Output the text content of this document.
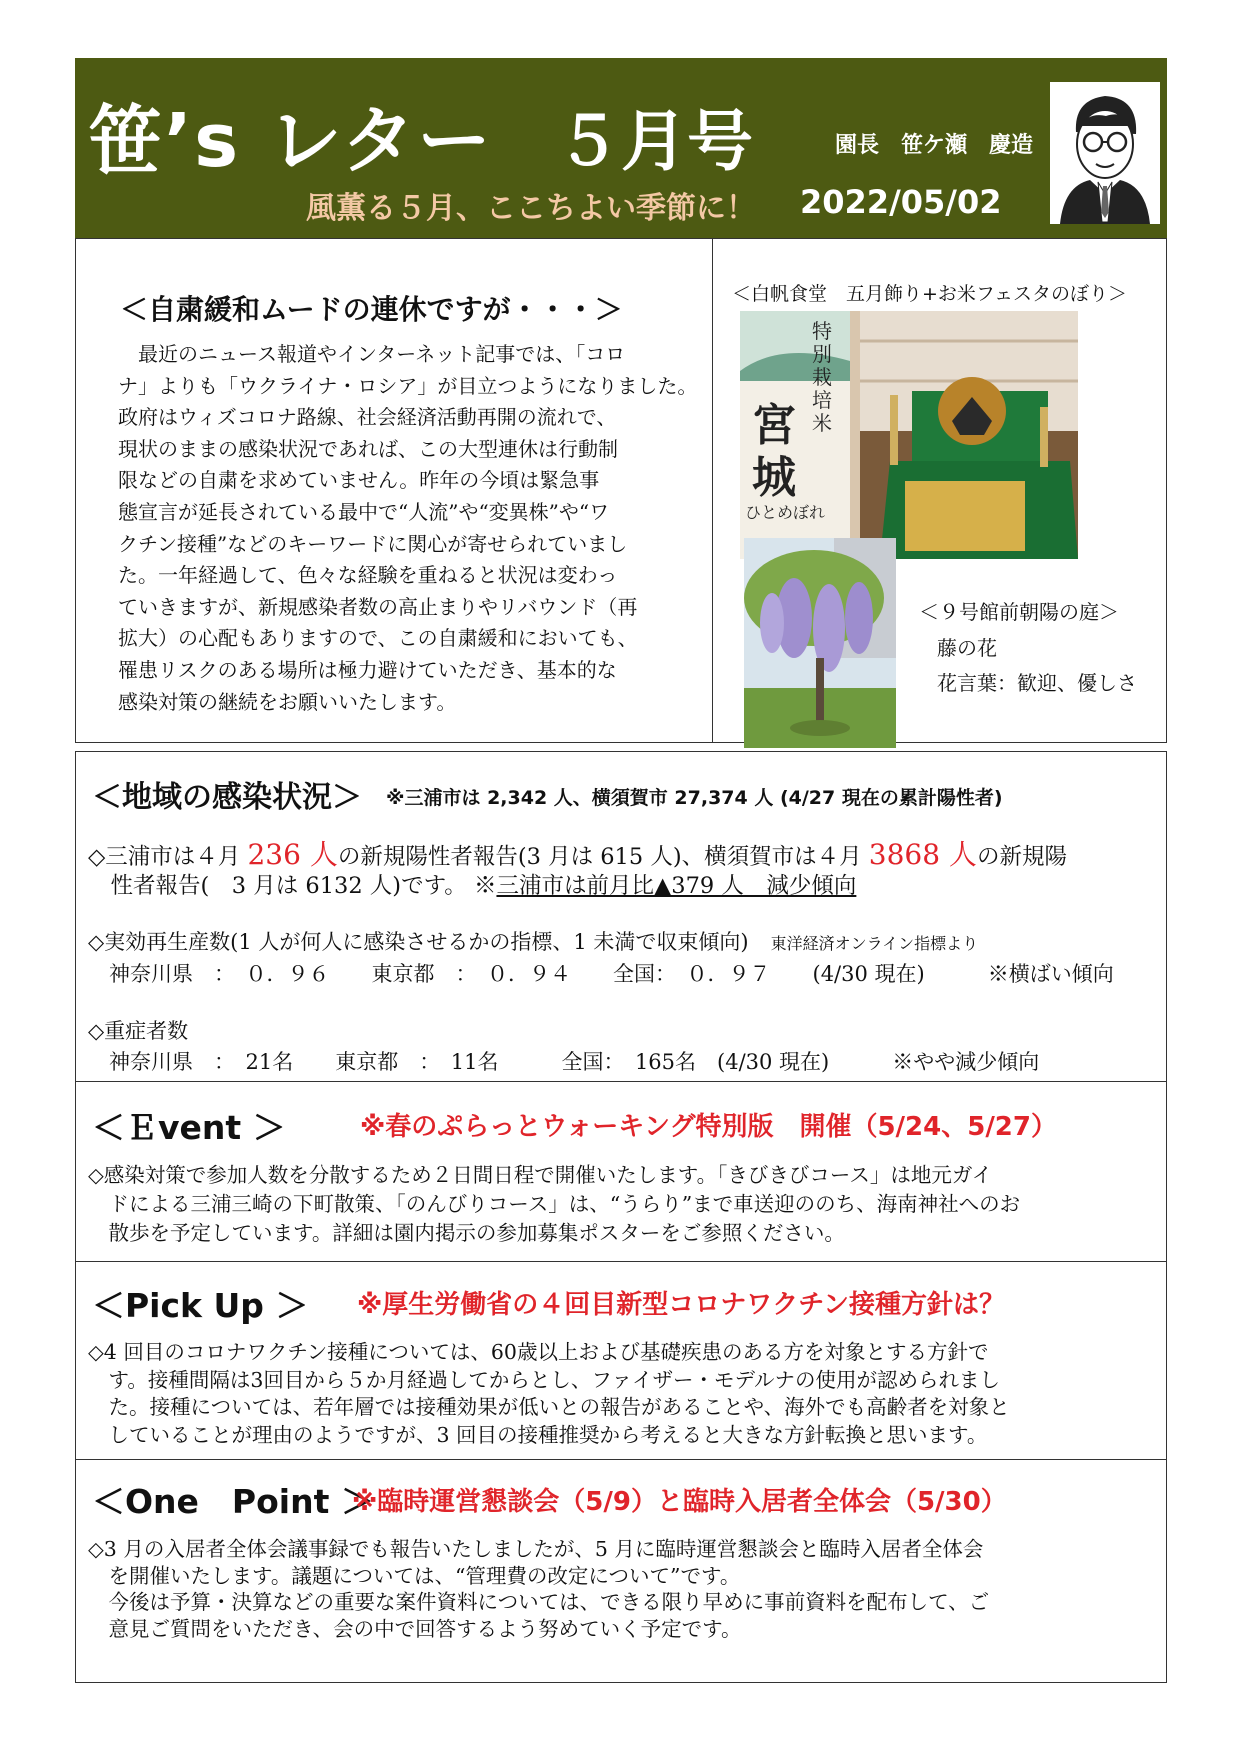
笹’s レター ５月号	園長　笹ケ瀬　慶造
風薫る５月、ここちよい季節に！ 2022/05/02
＜自粛緩和ムードの連休ですが・・・＞
　最近のニュース報道やインターネット記事では、「コロ
ナ」よりも「ウクライナ・ロシア」が目立つようになりました。
政府はウィズコロナ路線、社会経済活動再開の流れで、
現状のままの感染状況であれば、この大型連休は行動制
限などの自粛を求めていません。昨年の今頃は緊急事
態宣言が延長されている最中で“人流”や“変異株”や“ワ
クチン接種”などのキーワードに関心が寄せられていまし
た。一年経過して、色々な経験を重ねると状況は変わっ
ていきますが、新規感染者数の高止まりやリバウンド（再
拡大）の心配もありますので、この自粛緩和においても、
罹患リスクのある場所は極力避けていただき、基本的な
感染対策の継続をお願いいたします。
＜白帆食堂　五月飾り+お米フェスタのぼり＞
特別栽培米
宮城
ひとめぼれ
＜９号館前朝陽の庭＞
藤の花
花言葉：歓迎、優しさ
＜地域の感染状況＞ ※三浦市は 2,342 人、横須賀市 27,374 人 (4/27 現在の累計陽性者)
◇三浦市は４月 236 人の新規陽性者報告(3 月は 615 人)、横須賀市は４月 3868 人の新規陽
　性者報告(　3 月は 6132 人)です。 ※三浦市は前月比▲379 人　減少傾向
◇実効再生産数(1 人が何人に感染させるかの指標、1 未満で収束傾向) 東洋経済オンライン指標より
　神奈川県　：　０．９６　　東京都　：　０．９４　　全国：　０．９７　　(4/30 現在)　　　※横ばい傾向
◇重症者数
　神奈川県　：　21名　　東京都　：　11名　　　全国：　165名　(4/30 現在)　　　※やや減少傾向
＜Ｅvent ＞	※春のぷらっとウォーキング特別版　開催（5/24、5/27）
◇感染対策で参加人数を分散するため２日間日程で開催いたします。「きびきびコース」は地元ガイ
　ドによる三浦三崎の下町散策、「のんびりコース」は、“うらり”まで車送迎ののち、海南神社へのお
　散歩を予定しています。詳細は園内掲示の参加募集ポスターをご参照ください。
＜Pick Up ＞ ※厚生労働省の４回目新型コロナワクチン接種方針は？
◇4 回目のコロナワクチン接種については、60歳以上および基礎疾患のある方を対象とする方針で
　す。接種間隔は3回目から５か月経過してからとし、ファイザー・モデルナの使用が認められまし
　た。接種については、若年層では接種効果が低いとの報告があることや、海外でも高齢者を対象と
　していることが理由のようですが、3 回目の接種推奨から考えると大きな方針転換と思います。
＜One　Point ＞
※臨時運営懇談会（5/9）と臨時入居者全体会（5/30）
◇3 月の入居者全体会議事録でも報告いたしましたが、5 月に臨時運営懇談会と臨時入居者全体会
　を開催いたします。議題については、“管理費の改定について”です。
　今後は予算・決算などの重要な案件資料については、できる限り早めに事前資料を配布して、ご
　意見ご質問をいただき、会の中で回答するよう努めていく予定です。
